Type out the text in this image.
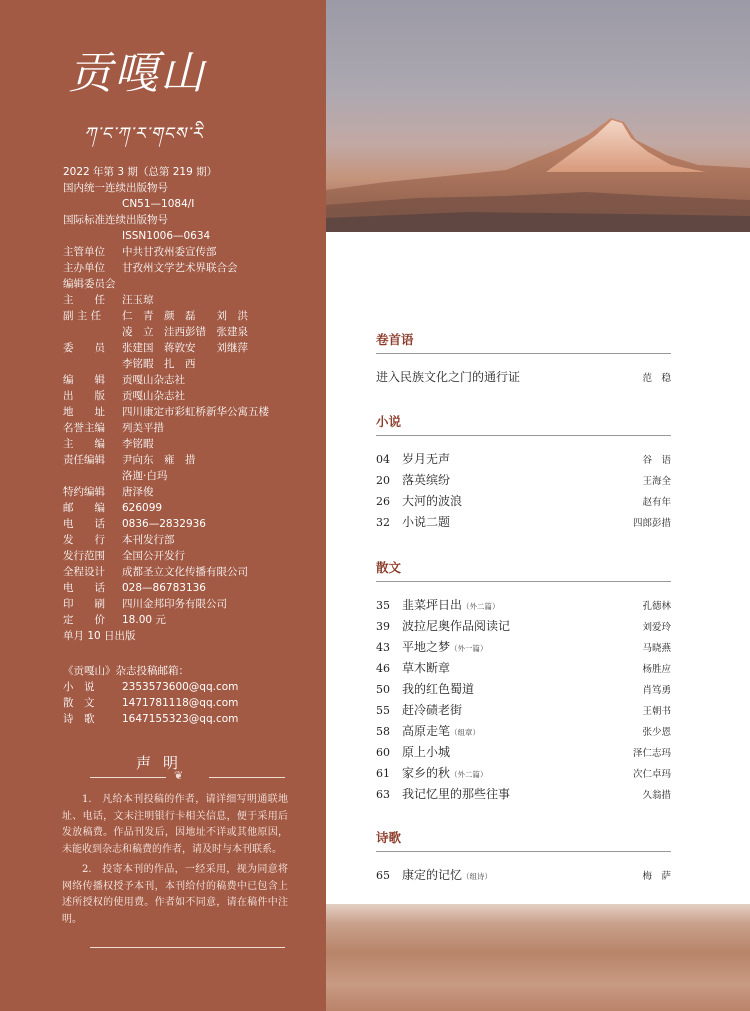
贡嘎山
ཀ་ང་ཀ་ར་གངས་རི
2022 年第 3 期（总第 219 期）
国内统一连续出版物号
CN51—1084/I
国际标准连续出版物号
ISSN1006—0634
主管单位	中共甘孜州委宣传部
主办单位	甘孜州文学艺术界联合会
编辑委员会
主　　任	汪玉琼
副 主 任	仁　青　颜　磊　　刘　洪
凌　立　洼西彭错　张建泉
委　　员	张建国　蒋敦安　　刘继萍
李铭暇　扎　西
编　　辑	贡嘎山杂志社
出　　版	贡嘎山杂志社
地　　址	四川康定市彩虹桥新华公寓五楼
名誉主编	列美平措
主　　编	李铭暇
责任编辑	尹向东　雍　措
洛迦·白玛
特约编辑	唐泽俊
邮　　编	626099
电　　话	0836—2832936
发　　行	本刊发行部
发行范围	全国公开发行
全程设计	成都圣立文化传播有限公司
电　　话	028—86783136
印　　刷	四川金邦印务有限公司
定　　价	18.00 元
单月 10 日出版
《贡嘎山》杂志投稿邮箱：
小　说	2353573600@qq.com
散　文	1471781118@qq.com
诗　歌	1647155323@qq.com
声明
❦

1.　凡给本刊投稿的作者，请详细写明通联地址、电话，文末注明银行卡相关信息，便于采用后发放稿费。作品刊发后，因地址不详或其他原因，未能收到杂志和稿费的作者，请及时与本刊联系。

2.　投寄本刊的作品，一经采用，视为同意将网络传播权授予本刊，本刊给付的稿费中已包含上述所授权的使用费。作者如不同意，请在稿件中注明。

卷首语
进入民族文化之门的通行证	范　稳
小说
04	岁月无声	谷　语
20	落英缤纷	王海全
26	大河的波浪	赵有年
32	小说二题	四郎彭措
散文
35	韭菜坪日出（外二篇）	孔德林
39	波拉尼奥作品阅读记	刘爱玲
43	平地之梦（外一篇）	马晓燕
46	草木断章	杨胜应
50	我的红色蜀道	肖笃勇
55	赶冷碛老街	王朝书
58	高原走笔（组章）	张少恩
60	原上小城	泽仁志玛
61	家乡的秋（外二篇）	次仁卓玛
63	我记忆里的那些往事	久翁措
诗歌
65	康定的记忆（组诗）	梅　萨
